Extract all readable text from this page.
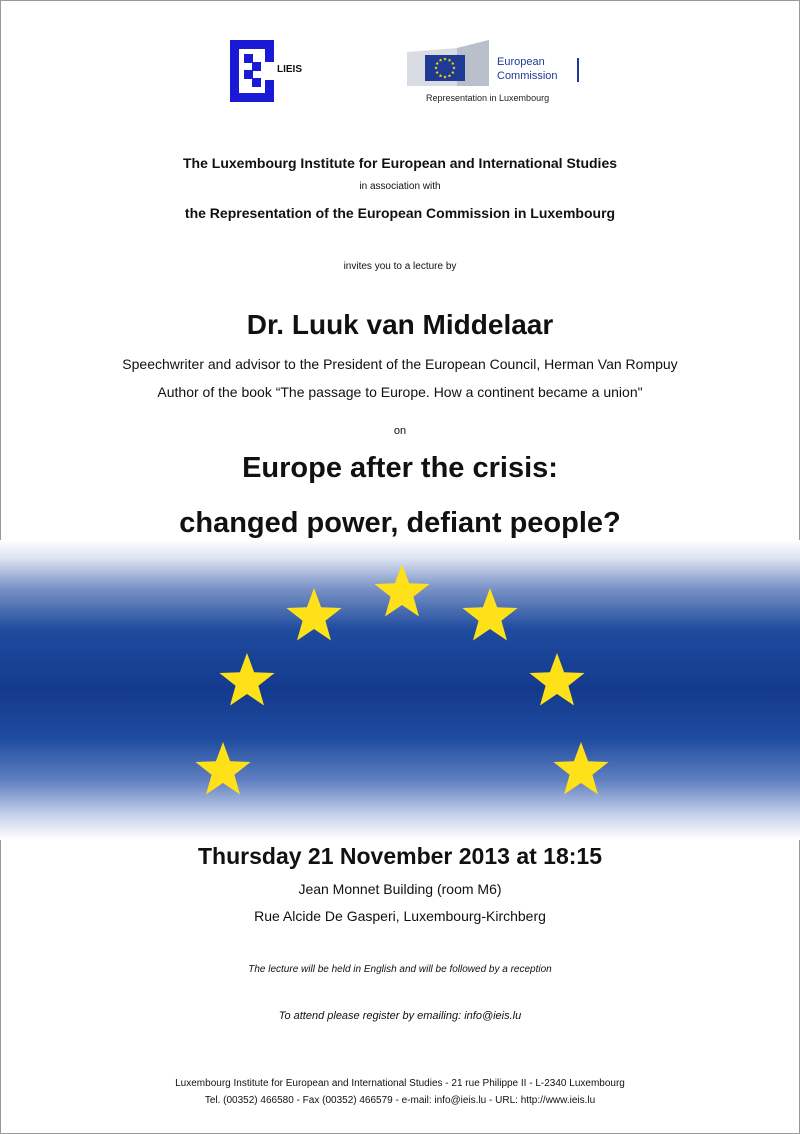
LIEIS
European
Commission
Representation in Luxembourg
The Luxembourg Institute for European and International Studies
in association with
the Representation of the European Commission in Luxembourg
invites you to a lecture by
Dr. Luuk van Middelaar
Speechwriter and advisor to the President of the European Council, Herman Van Rompuy
Author of the book “The passage to Europe. How a continent became a union"
on
Europe after the crisis:
changed power, defiant people?
Thursday 21 November 2013 at 18:15
Jean Monnet Building (room M6)
Rue Alcide De Gasperi, Luxembourg-Kirchberg
The lecture will be held in English and will be followed by a reception
To attend please register by emailing: info@ieis.lu
Luxembourg Institute for European and International Studies - 21 rue Philippe II - L-2340 Luxembourg
Tel. (00352) 466580 - Fax (00352) 466579 - e-mail: info@ieis.lu - URL: http://www.ieis.lu
